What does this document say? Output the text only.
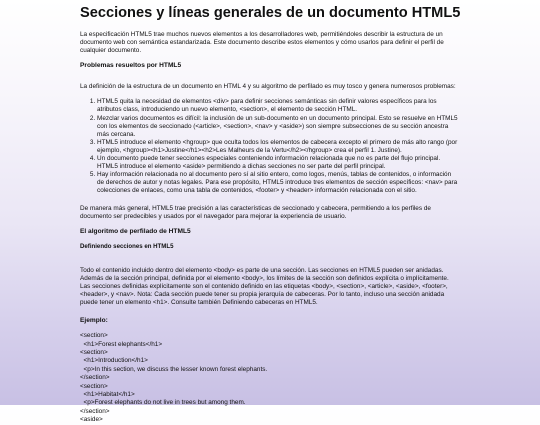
Secciones y líneas generales de un documento HTML5

La especificación HTML5 trae muchos nuevos elementos a los desarrolladores web, permitiéndoles describir la estructura de un documento web con semántica estandarizada. Este documento describe estos elementos y cómo usarlos para definir el perfil de cualquier documento.

Problemas resueltos por HTML5

La definición de la estructura de un documento en HTML 4 y su algoritmo de perfilado es muy tosco y genera numerosos problemas:

1. HTML5 quita la necesidad de elementos <div> para definir secciones semánticas sin definir valores específicos para los atributos class, introduciendo un nuevo elemento, <section>, el elemento de sección HTML.
2. Mezclar varios documentos es difícil: la inclusión de un sub-documento en un documento principal. Esto se resuelve en HTML5 con los elementos de seccionado (<article>, <section>, <nav> y <aside>) son siempre subsecciones de su sección ancestra más cercana.
3. HTML5 introduce el elemento <hgroup> que oculta todos los elementos de cabecera excepto el primero de más alto rango (por ejemplo, <hgroup><h1>Justine</h1><h2>Les Malheurs de la Vertu</h2></hgroup> crea el perfil 1. Justine).
4. Un documento puede tener secciones especiales conteniendo información relacionada que no es parte del flujo principal. HTML5 introduce el elemento <aside> permitiendo a dichas secciones no ser parte del perfil principal.
5. Hay información relacionada no al documento pero sí al sitio entero, como logos, menús, tablas de contenidos, o información de derechos de autor y notas legales. Para ese propósito, HTML5 introduce tres elementos de sección específicos: <nav> para colecciones de enlaces, como una tabla de contenidos, <footer> y <header> información relacionada con el sitio.

De manera más general, HTML5 trae precisión a las características de seccionado y cabecera, permitiendo a los perfiles de documento ser predecibles y usados por el navegador para mejorar la experiencia de usuario.

El algoritmo de perfilado de HTML5
Definiendo secciones en HTML5

Todo el contenido incluido dentro del elemento <body> es parte de una sección. Las secciones en HTML5 pueden ser anidadas. Además de la sección principal, definida por el elemento <body>, los límites de la sección son definidos explícita o implícitamente. Las secciones definidas explícitamente son el contenido definido en las etiquetas <body>, <section>, <article>, <aside>, <footer>, <header>, y <nav>. Nota: Cada sección puede tener su propia jerarquía de cabeceras. Por lo tanto, incluso una sección anidada puede tener un elemento <h1>. Consulte también Definiendo cabeceras en HTML5.

Ejemplo:
<section>
<h1>Forest elephants</h1>
<section>
<h1>Introduction</h1>
<p>In this section, we discuss the lesser known forest elephants.
</section>
<section>
<h1>Habitat</h1>
<p>Forest elephants do not live in trees but among them.
</section>
<aside>
